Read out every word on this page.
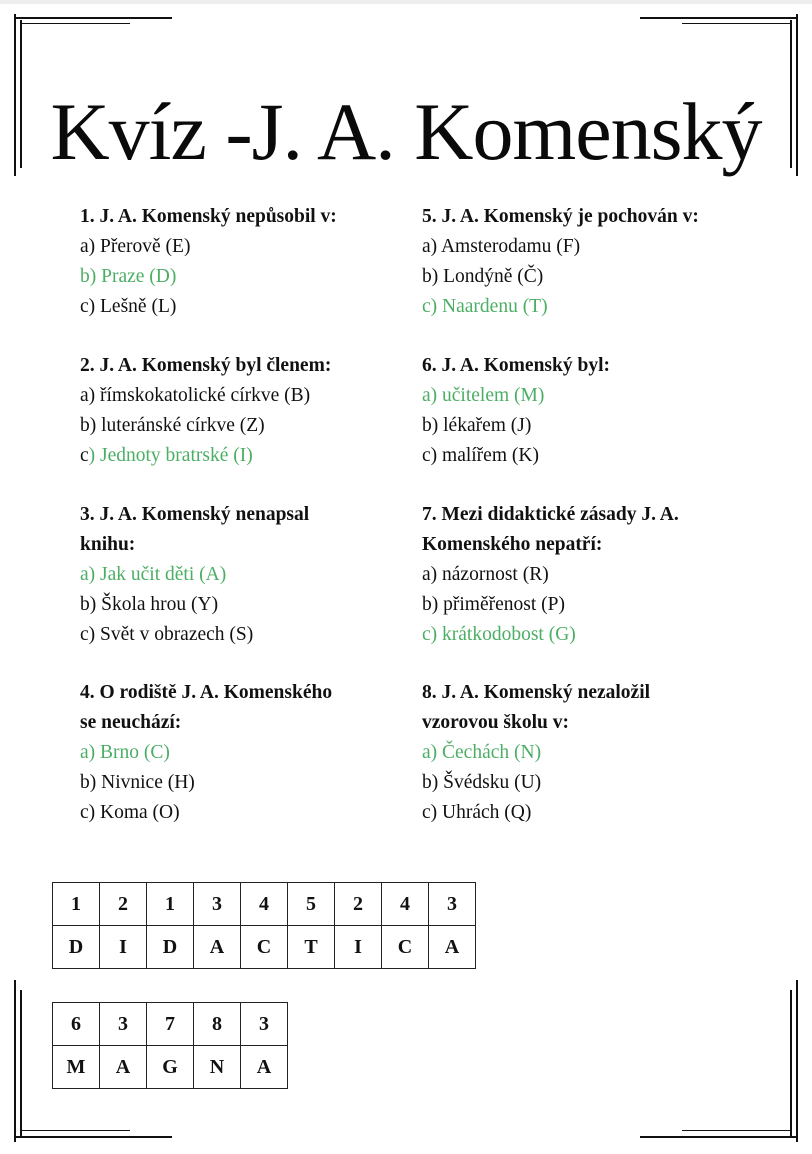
Kvíz -J. A. Komenský
1. J. A. Komenský nepůsobil v:
a) Přerově (E)
b) Praze (D)
c) Lešně (L)
2. J. A. Komenský byl členem:
a) římskokatolické církve (B)
b) luteránské církve (Z)
c) Jednoty bratrské (I)
3. J. A. Komenský nenapsal
knihu:
a) Jak učit děti (A)
b) Škola hrou (Y)
c) Svět v obrazech (S)
4. O rodiště J. A. Komenského
se neuchází:
a) Brno (C)
b) Nivnice (H)
c) Koma (O)
5. J. A. Komenský je pochován v:
a) Amsterodamu (F)
b) Londýně (Č)
c) Naardenu (T)
6. J. A. Komenský byl:
a) učitelem (M)
b) lékařem (J)
c) malířem (K)
7. Mezi didaktické zásady J. A.
Komenského nepatří:
a) názornost (R)
b) přiměřenost (P)
c) krátkodobost (G)
8. J. A. Komenský nezaložil
vzorovou školu v:
a) Čechách (N)
b) Švédsku (U)
c) Uhrách (Q)
1	2	1	3	4	5	2	4	3
D	I	D	A	C	T	I	C	A
6	3	7	8	3
M	A	G	N	A
